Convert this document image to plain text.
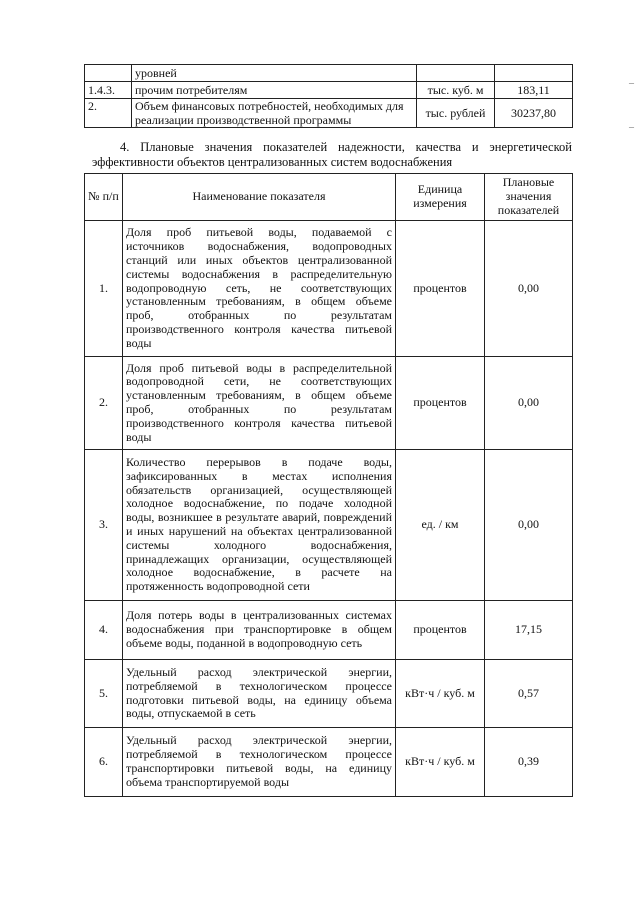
–
–
	уровней		
1.4.3.	прочим потребителям	тыс. куб. м	183,11
2.	Объем финансовых потребностей, необходимых для реализации производственной программы	тыс. рублей	30237,80

4. Плановые значения показателей надежности, качества и энергетической эффективности объектов централизованных систем водоснабжения

№ п/п	Наименование показателя	Единица измерения	Плановые значения показателей
1.	Доля проб питьевой воды, подаваемой с источников водоснабжения, водопроводных станций или иных объектов централизованной системы водоснабжения в распределительную водопроводную сеть, не соответствующих установленным требованиям, в общем объеме проб, отобранных по результатам производственного контроля качества питьевой воды	процентов	0,00
2.	Доля проб питьевой воды в распределительной водопроводной сети, не соответствующих установленным требованиям, в общем объеме проб, отобранных по результатам производственного контроля качества питьевой воды	процентов	0,00
3.	Количество перерывов в подаче воды, зафиксированных в местах исполнения обязательств организацией, осуществляющей холодное водоснабжение, по подаче холодной воды, возникшее в результате аварий, повреждений и иных нарушений на объектах централизованной системы холодного водоснабжения, принадлежащих организации, осуществляющей холодное водоснабжение, в расчете на протяженность водопроводной сети	ед. / км	0,00
4.	Доля потерь воды в централизованных системах водоснабжения при транспортировке в общем объеме воды, поданной в водопроводную сеть	процентов	17,15
5.	Удельный расход электрической энергии, потребляемой в технологическом процессе подготовки питьевой воды, на единицу объема воды, отпускаемой в сеть	кВт·ч / куб. м	0,57
6.	Удельный расход электрической энергии, потребляемой в технологическом процессе транспортировки питьевой воды, на единицу объема транспортируемой воды	кВт·ч / куб. м	0,39
